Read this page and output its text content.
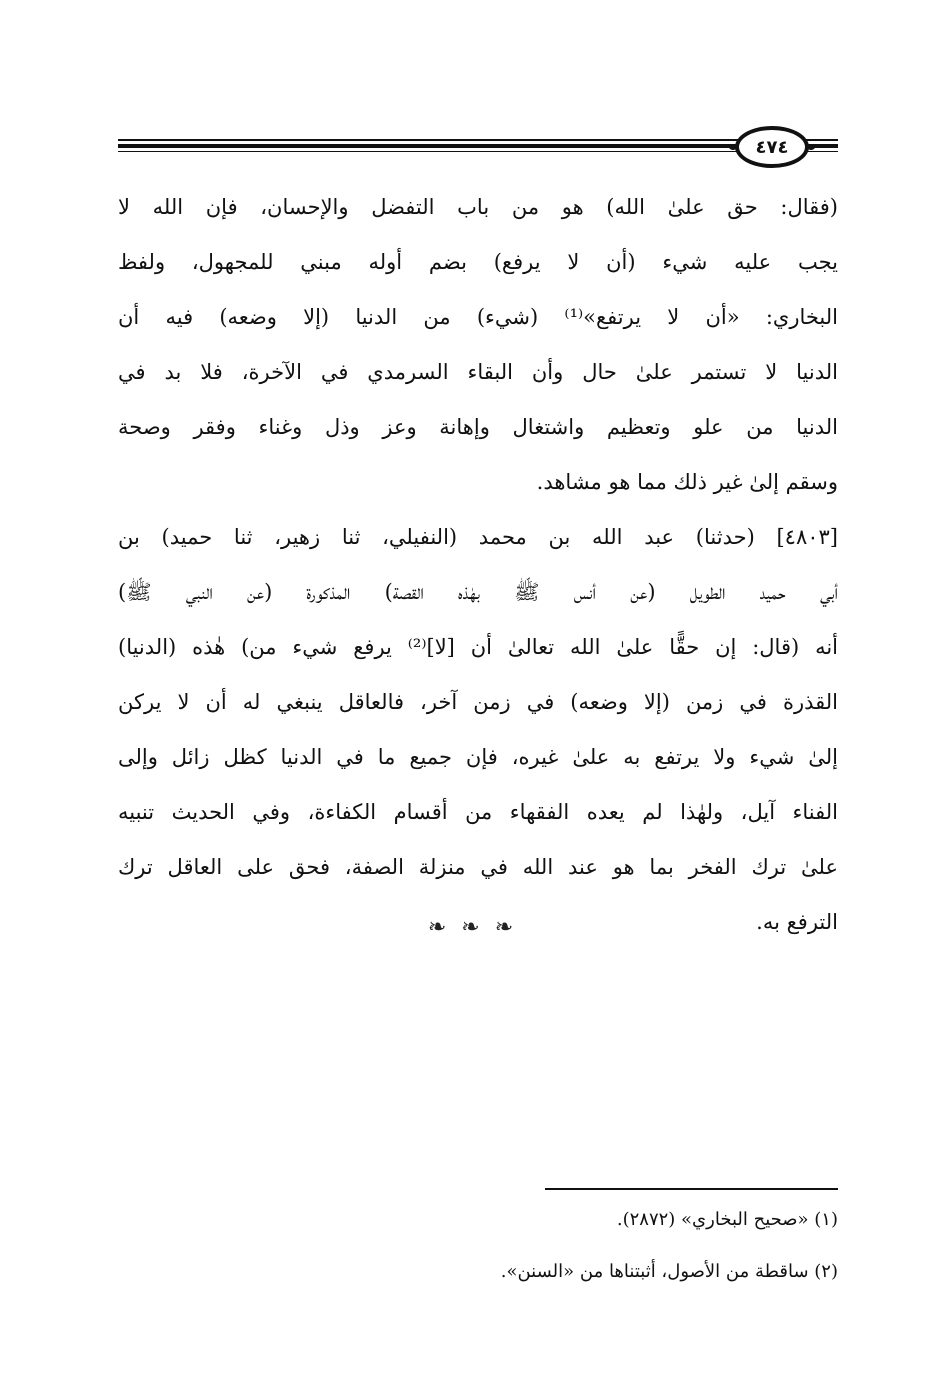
٤٧٤
(فقال: حق علىٰ الله) هو من باب التفضل والإحسان، فإن الله لا
يجب عليه شيء (أن لا يرفع) بضم أوله مبني للمجهول، ولفظ
البخاري: «أن لا يرتفع»⁽¹⁾ (شيء) من الدنيا (إلا وضعه) فيه أن
الدنيا لا تستمر علىٰ حال وأن البقاء السرمدي في الآخرة، فلا بد في
الدنيا من علو وتعظيم واشتغال وإهانة وعز وذل وغناء وفقر وصحة
وسقم إلىٰ غير ذلك مما هو مشاهد.
[٤٨٠٣] (حدثنا) عبد الله بن محمد (النفيلي، ثنا زهير، ثنا حميد) بن
أبي حميد الطويل (عن أنس ﷺ بهٰذه القصة) المذكورة (عن النبي ﷺ)
أنه (قال: إن حقًّا علىٰ الله تعالىٰ أن [لا]⁽²⁾ يرفع شيء من) هٰذه (الدنيا)
القذرة في زمن (إلا وضعه) في زمن آخر، فالعاقل ينبغي له أن لا يركن
إلىٰ شيء ولا يرتفع به علىٰ غيره، فإن جميع ما في الدنيا كظل زائل وإلى
الفناء آيل، ولهٰذا لم يعده الفقهاء من أقسام الكفاءة، وفي الحديث تنبيه
علىٰ ترك الفخر بما هو عند الله في منزلة الصفة، فحق على العاقل ترك
الترفع به.
❧ ❧ ❧
(١) «صحيح البخاري» (٢٨٧٢).
(٢) ساقطة من الأصول، أثبتناها من «السنن».
